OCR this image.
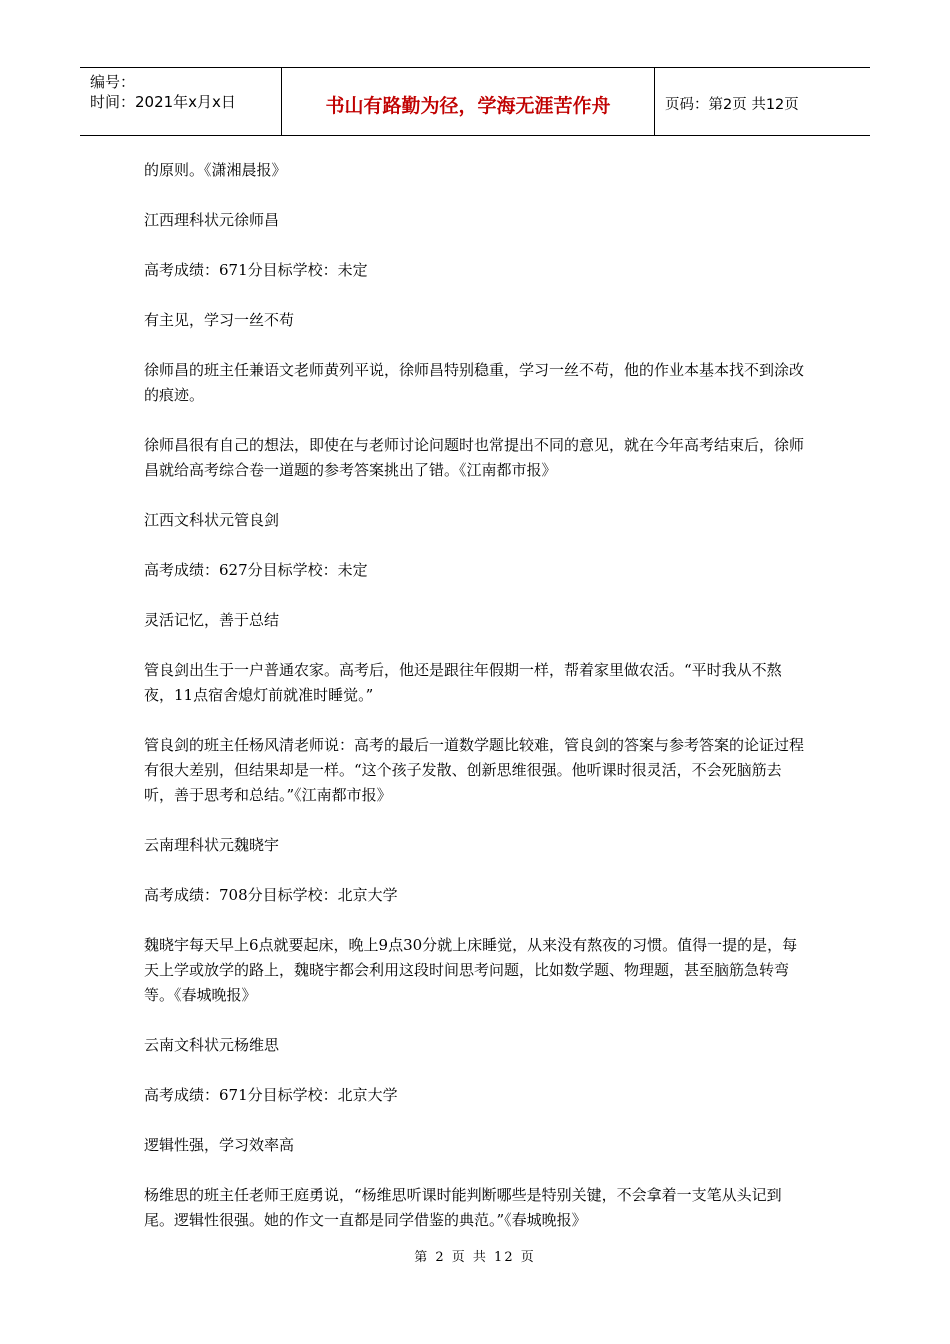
编号：
时间：2021年x月x日	书山有路勤为径，学海无涯苦作舟	页码：第2页 共12页

的原则。《潇湘晨报》

江西理科状元徐师昌

高考成绩：671分目标学校：未定

有主见，学习一丝不苟

徐师昌的班主任兼语文老师黄列平说，徐师昌特别稳重，学习一丝不苟，他的作业本基本找不到涂改的痕迹。

徐师昌很有自己的想法，即使在与老师讨论问题时也常提出不同的意见，就在今年高考结束后，徐师昌就给高考综合卷一道题的参考答案挑出了错。《江南都市报》

江西文科状元管良剑

高考成绩：627分目标学校：未定

灵活记忆，善于总结

管良剑出生于一户普通农家。高考后，他还是跟往年假期一样，帮着家里做农活。“平时我从不熬夜，11点宿舍熄灯前就准时睡觉。”

管良剑的班主任杨风清老师说：高考的最后一道数学题比较难，管良剑的答案与参考答案的论证过程有很大差别，但结果却是一样。“这个孩子发散、创新思维很强。他听课时很灵活，不会死脑筋去听，善于思考和总结。”《江南都市报》

云南理科状元魏晓宇

高考成绩：708分目标学校：北京大学

魏晓宇每天早上6点就要起床，晚上9点30分就上床睡觉，从来没有熬夜的习惯。值得一提的是，每天上学或放学的路上，魏晓宇都会利用这段时间思考问题，比如数学题、物理题，甚至脑筋急转弯等。《春城晚报》

云南文科状元杨维思

高考成绩：671分目标学校：北京大学

逻辑性强，学习效率高

杨维思的班主任老师王庭勇说，“杨维思听课时能判断哪些是特别关键，不会拿着一支笔从头记到尾。逻辑性很强。她的作文一直都是同学借鉴的典范。”《春城晚报》

第 2 页 共 12 页
